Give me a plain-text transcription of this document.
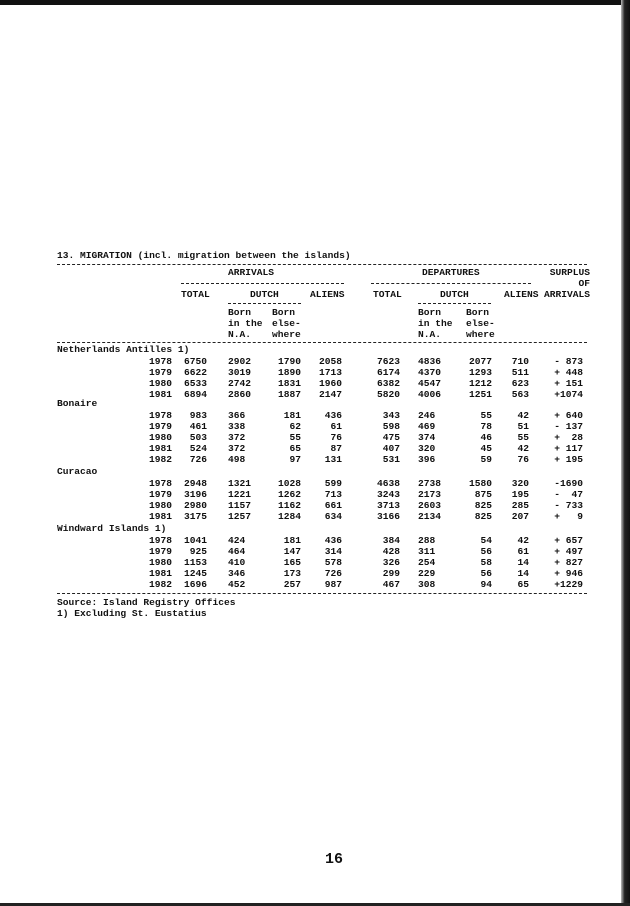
13. MIGRATION (incl. migration between the islands)
ARRIVALS	DEPARTURES	SURPLUS
OF
ARRIVALS
TOTAL	DUTCH	ALIENS	TOTAL	DUTCH	ALIENS
Born
in the
N.A.
Born
else-
where
Born
in the
N.A.
Born
else-
where
Netherlands Antilles 1)
1978 6750 2902	1790 2058	7623 4836	2077 710	- 873
1979 6622 3019	1890 1713	6174 4370	1293 511	+ 448
1980 6533 2742	1831 1960	6382 4547	1212 623	+ 151
1981 6894 2860	1887 2147	5820 4006	1251 563	+1074
Bonaire
1978 983 366	181 436	343 246	55	42	+ 640
1979 461 338	62	61	598 469	78	51	- 137
1980 503 372	55	76	475 374	46	55	+  28
1981 524 372	65	87	407 320	45	42	+ 117
1982 726 498	97 131	531 396	59	76	+ 195
Curacao
1978 2948 1321	1028 599	4638 2738	1580 320	-1690
1979 3196 1221	1262 713	3243 2173	875 195	-  47
1980 2980 1157	1162 661	3713 2603	825 285	- 733
1981 3175 1257	1284 634	3166 2134	825 207	+   9
Windward Islands 1)
1978 1041 424	181 436	384 288	54	42	+ 657
1979 925 464	147 314	428 311	56	61	+ 497
1980 1153 410	165 578	326 254	58	14	+ 827
1981 1245 346	173 726	299 229	56	14	+ 946
1982 1696 452	257 987	467 308	94	65	+1229
Source: Island Registry Offices
1) Excluding St. Eustatius
16
